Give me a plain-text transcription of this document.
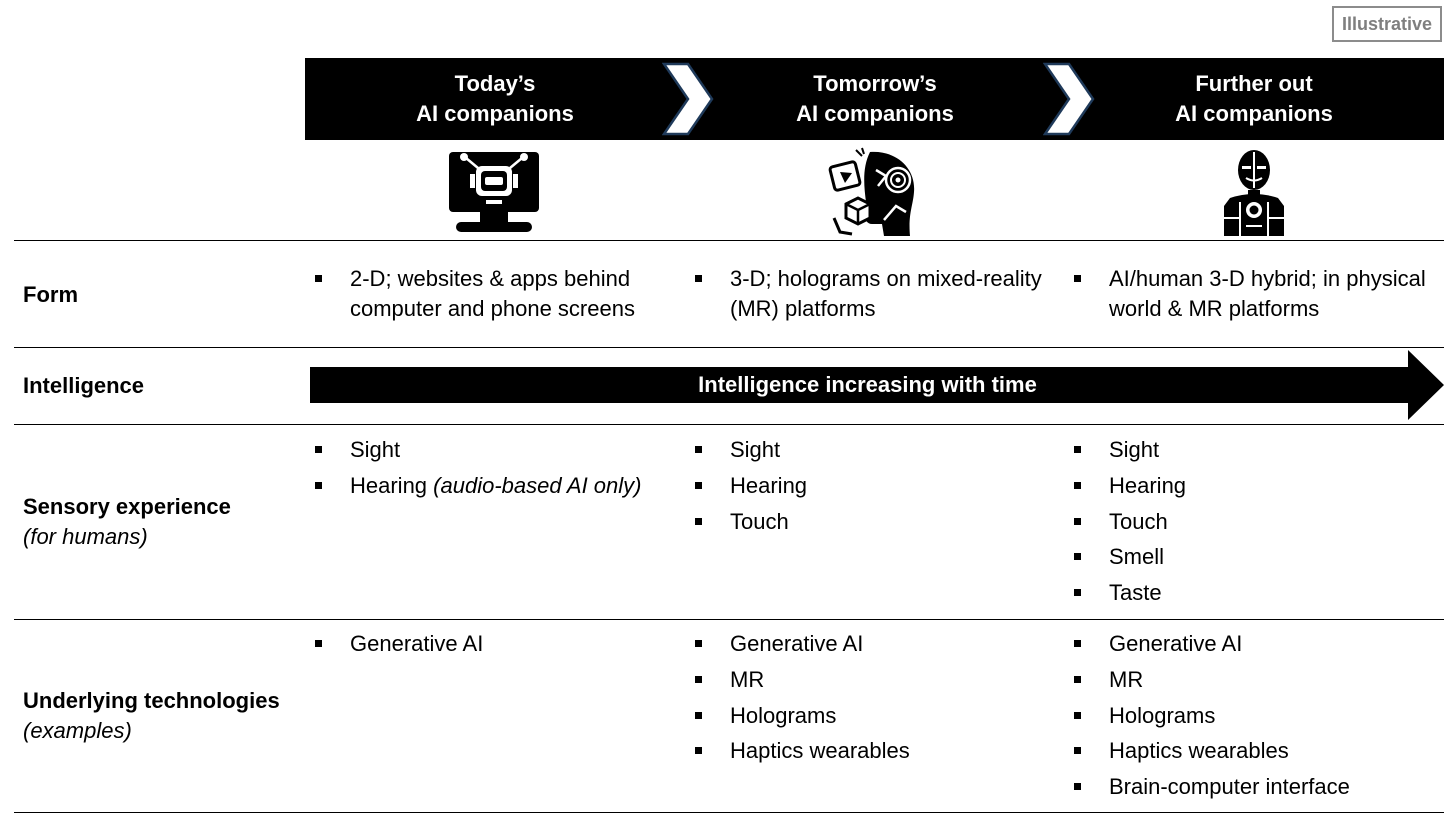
Illustrative
Today’s
AI companions
Tomorrow’s
AI companions
Further out
AI companions
Form
2-D; websites & apps behind computer and phone screens
3-D; holograms on mixed-reality (MR) platforms
AI/human 3-D hybrid; in physical world & MR platforms
Intelligence	Intelligence increasing with time
Sensory experience
(for humans)
Sight
Hearing (audio-based AI only)
Sight
Hearing
Touch
Sight
Hearing
Touch
Smell
Taste
Underlying technologies
(examples)
Generative AI	Generative AI
MR
Holograms
Haptics wearables
Generative AI
MR
Holograms
Haptics wearables
Brain-computer interface
